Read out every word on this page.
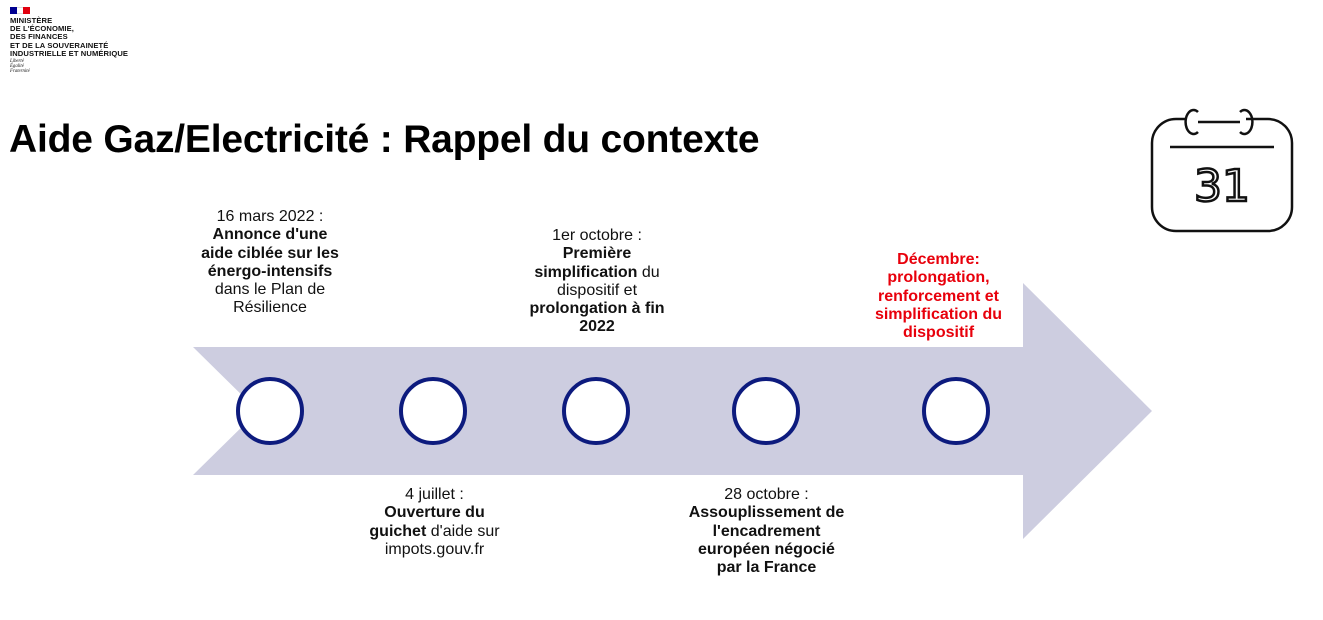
MINISTÈRE
DE L'ÉCONOMIE,
DES FINANCES
ET DE LA SOUVERAINETÉ
INDUSTRIELLE ET NUMÉRIQUE
Liberté
Égalité
Fraternité
Aide Gaz/Electricité : Rappel du contexte
31
16 mars 2022 :
Annonce d'une aide ciblée sur les énergo-intensifs dans le Plan de Résilience
4 juillet :
Ouverture du guichet d'aide sur impots.gouv.fr
1er octobre :
Première simplification du dispositif et prolongation à fin 2022
28 octobre :
Assouplissement de l'encadrement européen négocié par la France
Décembre: prolongation, renforcement et simplification du dispositif
